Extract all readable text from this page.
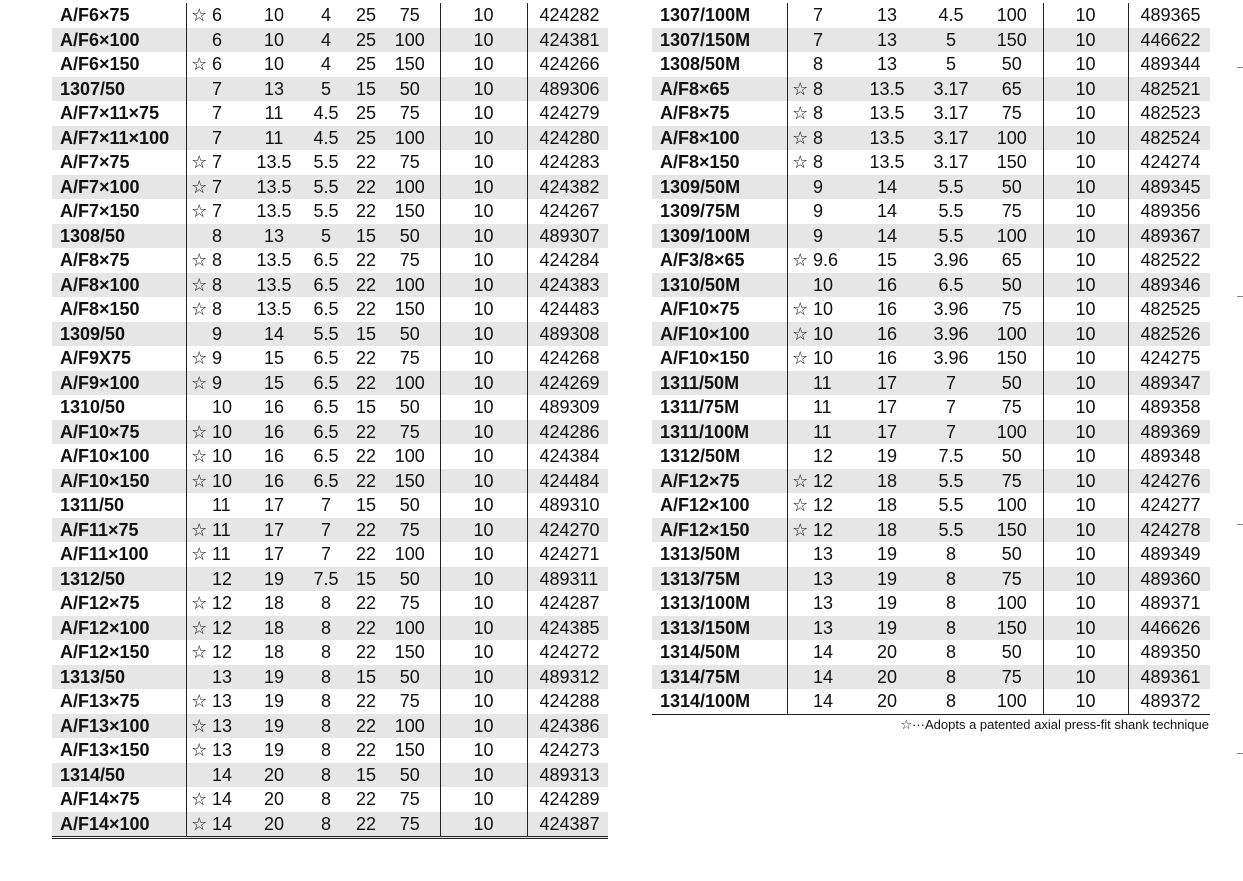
A/F6×75	☆	6	10	4	25	75	10	424282
A/F6×100		6	10	4	25	100	10	424381
A/F6×150	☆	6	10	4	25	150	10	424266
1307/50		7	13	5	15	50	10	489306
A/F7×11×75		7	11	4.5	25	75	10	424279
A/F7×11×100		7	11	4.5	25	100	10	424280
A/F7×75	☆	7	13.5	5.5	22	75	10	424283
A/F7×100	☆	7	13.5	5.5	22	100	10	424382
A/F7×150	☆	7	13.5	5.5	22	150	10	424267
1308/50		8	13	5	15	50	10	489307
A/F8×75	☆	8	13.5	6.5	22	75	10	424284
A/F8×100	☆	8	13.5	6.5	22	100	10	424383
A/F8×150	☆	8	13.5	6.5	22	150	10	424483
1309/50		9	14	5.5	15	50	10	489308
A/F9X75	☆	9	15	6.5	22	75	10	424268
A/F9×100	☆	9	15	6.5	22	100	10	424269
1310/50		10	16	6.5	15	50	10	489309
A/F10×75	☆	10	16	6.5	22	75	10	424286
A/F10×100	☆	10	16	6.5	22	100	10	424384
A/F10×150	☆	10	16	6.5	22	150	10	424484
1311/50		11	17	7	15	50	10	489310
A/F11×75	☆	11	17	7	22	75	10	424270
A/F11×100	☆	11	17	7	22	100	10	424271
1312/50		12	19	7.5	15	50	10	489311
A/F12×75	☆	12	18	8	22	75	10	424287
A/F12×100	☆	12	18	8	22	100	10	424385
A/F12×150	☆	12	18	8	22	150	10	424272
1313/50		13	19	8	15	50	10	489312
A/F13×75	☆	13	19	8	22	75	10	424288
A/F13×100	☆	13	19	8	22	100	10	424386
A/F13×150	☆	13	19	8	22	150	10	424273
1314/50		14	20	8	15	50	10	489313
A/F14×75	☆	14	20	8	22	75	10	424289
A/F14×100	☆	14	20	8	22	75	10	424387
1307/100M		7	13	4.5	100	10	489365
1307/150M		7	13	5	150	10	446622
1308/50M		8	13	5	50	10	489344
A/F8×65	☆	8	13.5	3.17	65	10	482521
A/F8×75	☆	8	13.5	3.17	75	10	482523
A/F8×100	☆	8	13.5	3.17	100	10	482524
A/F8×150	☆	8	13.5	3.17	150	10	424274
1309/50M		9	14	5.5	50	10	489345
1309/75M		9	14	5.5	75	10	489356
1309/100M		9	14	5.5	100	10	489367
A/F3/8×65	☆	9.6	15	3.96	65	10	482522
1310/50M		10	16	6.5	50	10	489346
A/F10×75	☆	10	16	3.96	75	10	482525
A/F10×100	☆	10	16	3.96	100	10	482526
A/F10×150	☆	10	16	3.96	150	10	424275
1311/50M		11	17	7	50	10	489347
1311/75M		11	17	7	75	10	489358
1311/100M		11	17	7	100	10	489369
1312/50M		12	19	7.5	50	10	489348
A/F12×75	☆	12	18	5.5	75	10	424276
A/F12×100	☆	12	18	5.5	100	10	424277
A/F12×150	☆	12	18	5.5	150	10	424278
1313/50M		13	19	8	50	10	489349
1313/75M		13	19	8	75	10	489360
1313/100M		13	19	8	100	10	489371
1313/150M		13	19	8	150	10	446626
1314/50M		14	20	8	50	10	489350
1314/75M		14	20	8	75	10	489361
1314/100M		14	20	8	100	10	489372
☆···Adopts a patented axial press-fit shank technique
